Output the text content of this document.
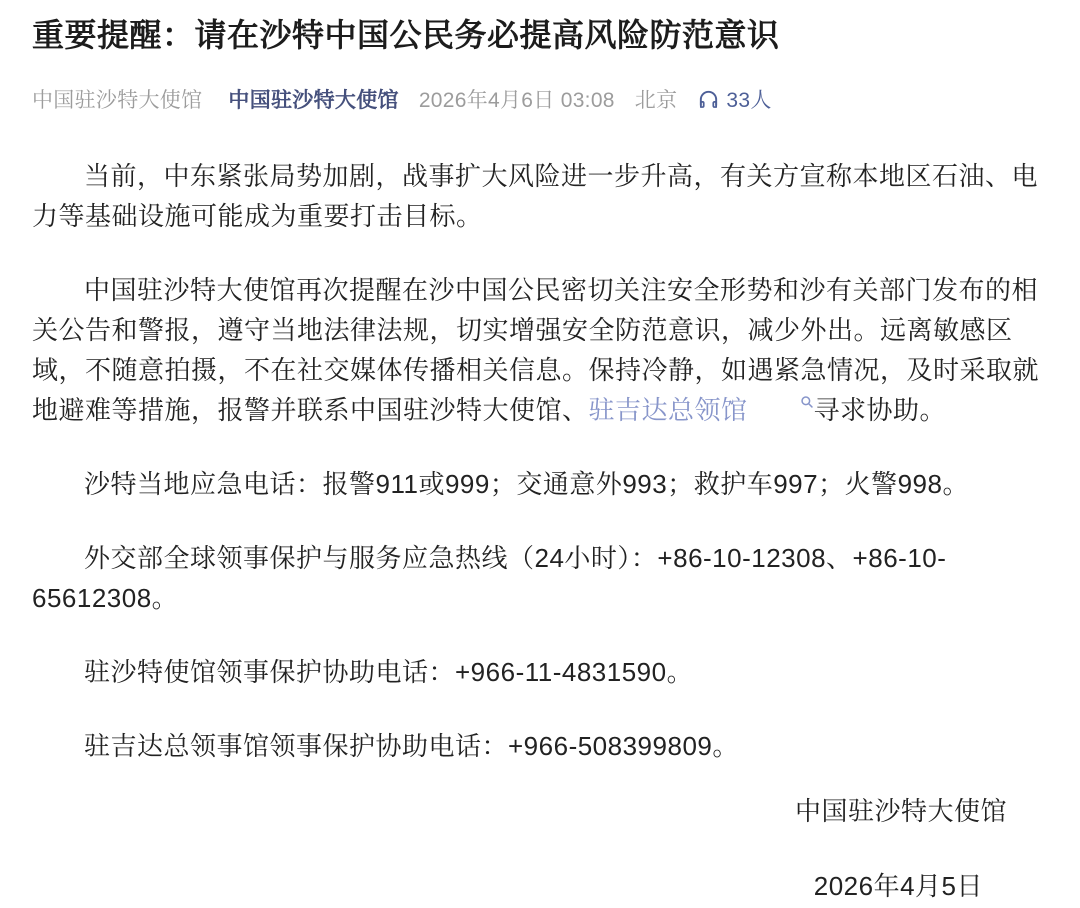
重要提醒：请在沙特中国公民务必提高风险防范意识
中国驻沙特大使馆 中国驻沙特大使馆 2026年4月6日 03:08 北京 33人

当前，中东紧张局势加剧，战事扩大风险进一步升高，有关方宣称本地区石油、电力等基础设施可能成为重要打击目标。

中国驻沙特大使馆再次提醒在沙中国公民密切关注安全形势和沙有关部门发布的相关公告和警报，遵守当地法律法规，切实增强安全防范意识，减少外出。远离敏感区域，不随意拍摄，不在社交媒体传播相关信息。保持冷静，如遇紧急情况，及时采取就地避难等措施，报警并联系中国驻沙特大使馆、驻吉达总领馆	寻求协助。

沙特当地应急电话：报警911或999；交通意外993；救护车997；火警998。

外交部全球领事保护与服务应急热线（24小时）：+86-10-12308、+86-10-65612308。

驻沙特使馆领事保护协助电话：+966-11-4831590。

驻吉达总领事馆领事保护协助电话：+966-508399809。

中国驻沙特大使馆

2026年4月5日
